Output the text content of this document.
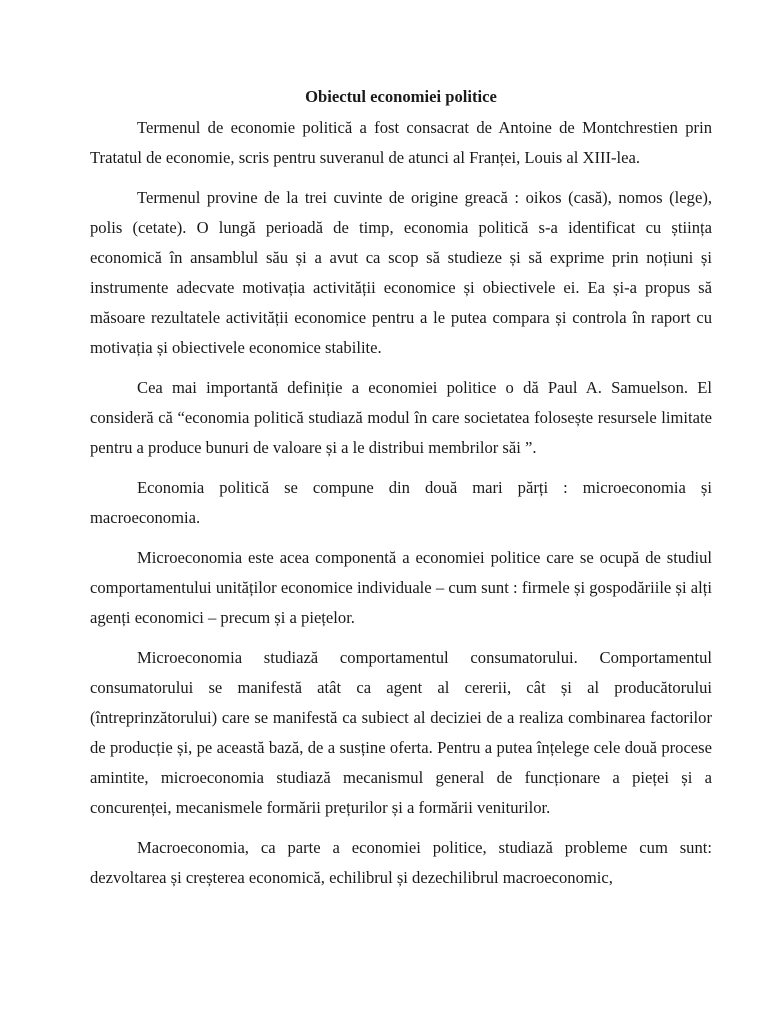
Obiectul economiei politice

Termenul de economie politică a fost consacrat de Antoine de Montchrestien prin Tratatul de economie, scris pentru suveranul de atunci al Franței, Louis al XIII-lea.

Termenul provine de la trei cuvinte de origine greacă : oikos (casă), nomos (lege), polis (cetate). O lungă perioadă de timp, economia politică s-a identificat cu știința economică în ansamblul său și a avut ca scop să studieze și să exprime prin noțiuni și instrumente adecvate motivația activității economice și obiectivele ei. Ea și-a propus să măsoare rezultatele activității economice pentru a le putea compara și controla în raport cu motivația și obiectivele economice stabilite.

Cea mai importantă definiție a economiei politice o dă Paul A. Samuelson. El consideră că “economia politică studiază modul în care societatea folosește resursele limitate pentru a produce bunuri de valoare și a le distribui membrilor săi ”.

Economia politică se compune din două mari părți : microeconomia și macroeconomia.

Microeconomia este acea componentă a economiei politice care se ocupă de studiul comportamentului unităților economice individuale – cum sunt : firmele și gospodăriile și alți agenți economici – precum și a piețelor.

Microeconomia studiază comportamentul consumatorului. Comportamentul consumatorului se manifestă atât ca agent al cererii, cât și al producătorului (întreprinzătorului) care se manifestă ca subiect al deciziei de a realiza combinarea factorilor de producție și, pe această bază, de a susține oferta. Pentru a putea înțelege cele două procese amintite, microeconomia studiază mecanismul general de funcționare a pieței și a concurenței, mecanismele formării prețurilor și a formării veniturilor.

Macroeconomia, ca parte a economiei politice, studiază probleme cum sunt: dezvoltarea și creșterea economică, echilibrul și dezechilibrul macroeconomic,
